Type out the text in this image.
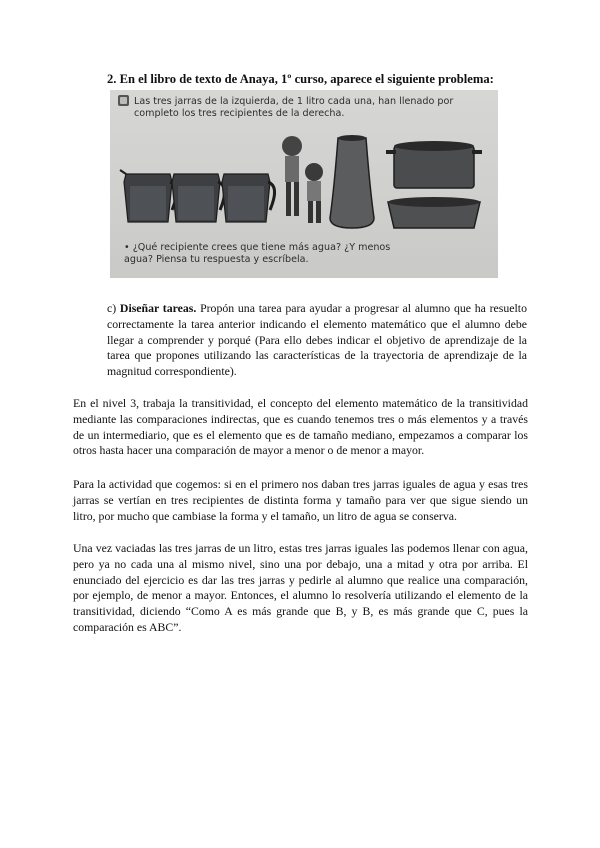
2. En el libro de texto de Anaya, 1º curso, aparece el siguiente problema:
Las tres jarras de la izquierda, de 1 litro cada una, han llenado por
completo los tres recipientes de la derecha.
• ¿Qué recipiente crees que tiene más agua? ¿Y menos
agua? Piensa tu respuesta y escríbela.

c) Diseñar tareas. Propón una tarea para ayudar a progresar al alumno que ha resuelto correctamente la tarea anterior indicando el elemento matemático que el alumno debe llegar a comprender y porqué (Para ello debes indicar el objetivo de aprendizaje de la tarea que propones utilizando las características de la trayectoria de aprendizaje de la magnitud correspondiente).

En el nivel 3, trabaja la transitividad, el concepto del elemento matemático de la transitividad mediante las comparaciones indirectas, que es cuando tenemos tres o más elementos y a través de un intermediario, que es el elemento que es de tamaño mediano, empezamos a comparar los otros hasta hacer una comparación de mayor a menor o de menor a mayor.

Para la actividad que cogemos: si en el primero nos daban tres jarras iguales de agua y esas tres jarras se vertían en tres recipientes de distinta forma y tamaño para ver que sigue siendo un litro, por mucho que cambiase la forma y el tamaño, un litro de agua se conserva.

Una vez vaciadas las tres jarras de un litro, estas tres jarras iguales las podemos llenar con agua, pero ya no cada una al mismo nivel, sino una por debajo, una a mitad y otra por arriba. El enunciado del ejercicio es dar las tres jarras y pedirle al alumno que realice una comparación, por ejemplo, de menor a mayor. Entonces, el alumno lo resolvería utilizando el elemento de la transitividad, diciendo “Como A es más grande que B, y B, es más grande que C, pues la comparación es ABC”.
